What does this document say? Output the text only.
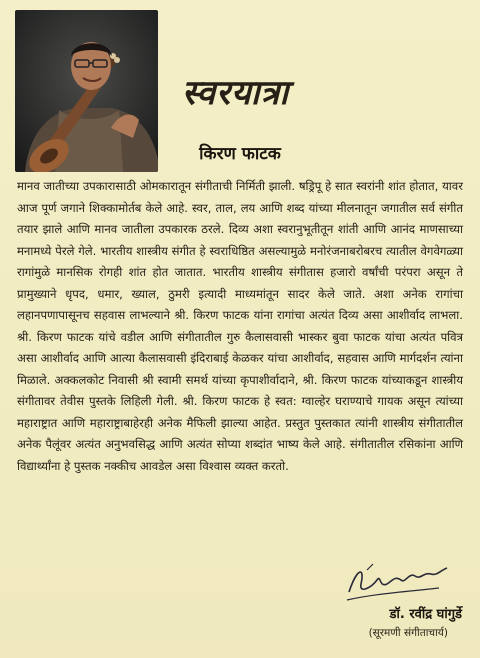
स्वरयात्रा
किरण फाटक

मानव जातीच्या उपकारासाठी ओमकारातून संगीताची निर्मिती झाली. षड्रिपू हे सात स्वरांनी शांत होतात, यावर आज पूर्ण जगाने शिक्कामोर्तब केले आहे. स्वर, ताल, लय आणि शब्द यांच्या मीलनातून जगातील सर्व संगीत तयार झाले आणि मानव जातीला उपकारक ठरले. दिव्य अशा स्वरानुभूतीतून शांती आणि आनंद माणसाच्या मनामध्ये पेरले गेले. भारतीय शास्त्रीय संगीत हे स्वराधिष्ठित असल्यामुळे मनोरंजनाबरोबरच त्यातील वेगवेगळ्या रागांमुळे मानसिक रोगही शांत होत जातात. भारतीय शास्त्रीय संगीतास हजारो वर्षांची परंपरा असून ते प्रामुख्याने धृपद, धमार, ख्याल, ठुमरी इत्यादी माध्यमांतून सादर केले जाते. अशा अनेक रागांचा लहानपणापासूनच सहवास लाभल्याने श्री. किरण फाटक यांना रागांचा अत्यंत दिव्य असा आशीर्वाद लाभला. श्री. किरण फाटक यांचे वडील आणि संगीतातील गुरु कैलासवासी भास्कर बुवा फाटक यांचा अत्यंत पवित्र असा आशीर्वाद आणि आत्या कैलासवासी इंदिराबाई केळकर यांचा आशीर्वाद, सहवास आणि मार्गदर्शन त्यांना मिळाले. अक्कलकोट निवासी श्री स्वामी समर्थ यांच्या कृपाशीर्वादाने, श्री. किरण फाटक यांच्याकडून शास्त्रीय संगीतावर तेवीस पुस्तके लिहिली गेली. श्री. किरण फाटक हे स्वत: ग्वाल्हेर घराण्याचे गायक असून त्यांच्या महाराष्ट्रात आणि महाराष्ट्राबाहेरही अनेक मैफिली झाल्या आहेत. प्रस्तुत पुस्तकात त्यांनी शास्त्रीय संगीतातील अनेक पैलूंवर अत्यंत अनुभवसिद्ध आणि अत्यंत सोप्या शब्दांत भाष्य केले आहे. संगीतातील रसिकांना आणि विद्यार्थ्यांना हे पुस्तक नक्कीच आवडेल असा विश्वास व्यक्त करतो.

डॉ. रवींद्र घांगुर्डे
(सूरमणी संगीताचार्य)
